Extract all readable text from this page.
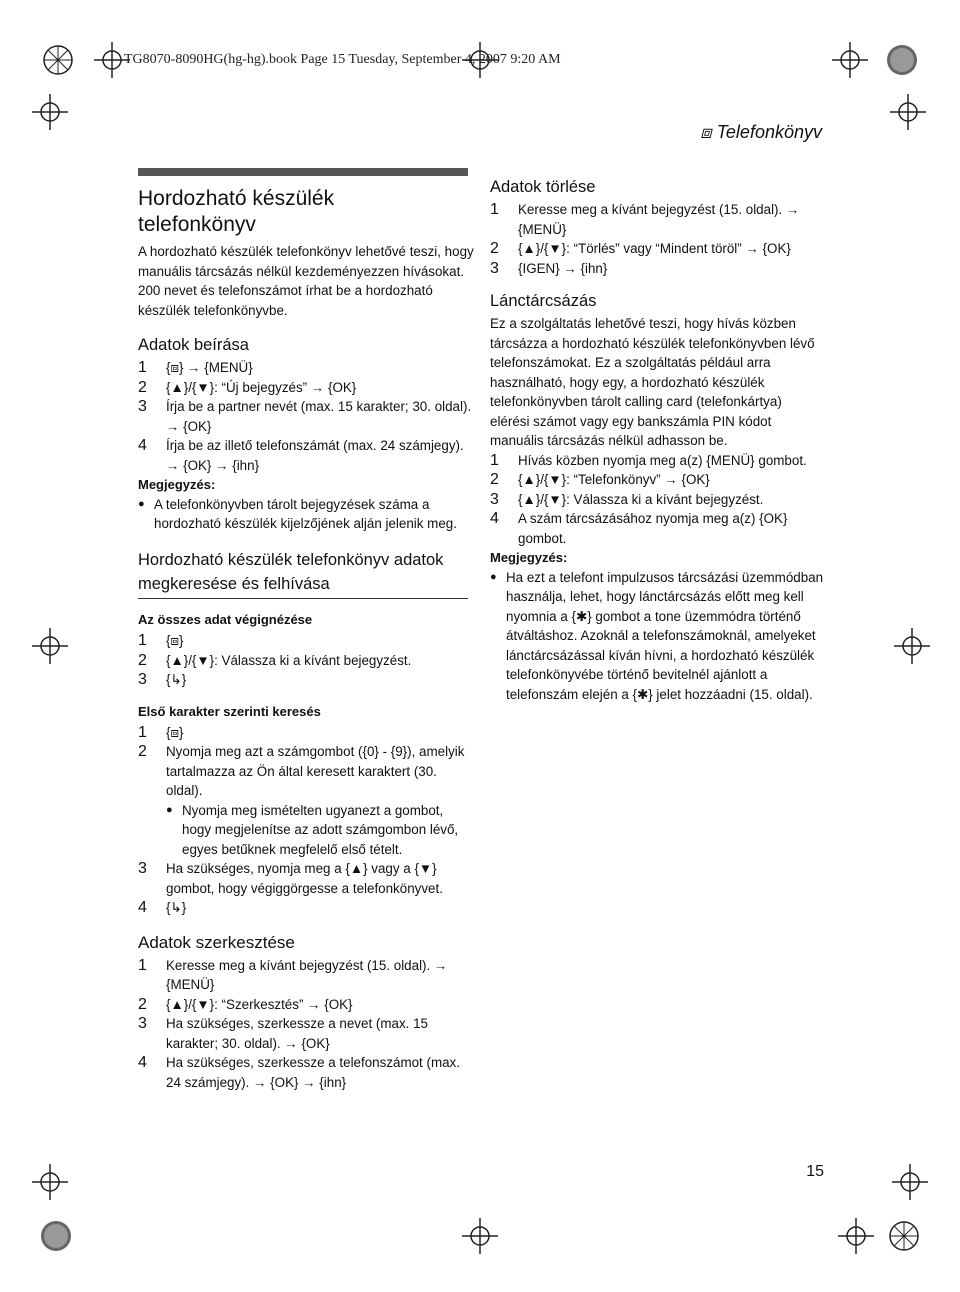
TG8070-8090HG(hg-hg).book Page 15 Tuesday, September 4, 2007 9:20 AM
⧈ Telefonkönyv
Hordozható készülék telefonkönyv

A hordozható készülék telefonkönyv lehetővé teszi, hogy manuális tárcsázás nélkül kezdeményezzen hívásokat. 200 nevet és telefonszámot írhat be a hordozható készülék telefonkönyvbe.

Adatok beírása
1 {⧈} → {MENÜ}
2 {▲}/{▼}: “Új bejegyzés” → {OK}
3 Írja be a partner nevét (max. 15 karakter; 30. oldal). → {OK}
4 Írja be az illető telefonszámát (max. 24 számjegy). → {OK} → {ihn}

Megjegyzés:

● A telefonkönyvben tárolt bejegyzések száma a hordozható készülék kijelzőjének alján jelenik meg.

Hordozható készülék telefonkönyv adatok megkeresése és felhívása
Az összes adat végignézése
1 {⧈}
2 {▲}/{▼}: Válassza ki a kívánt bejegyzést.
3 {↳}
Első karakter szerinti keresés
1 {⧈}
2 Nyomja meg azt a számgombot ({0} - {9}), amelyik tartalmazza az Ön által keresett karaktert (30. oldal).
● Nyomja meg ismételten ugyanezt a gombot, hogy megjelenítse az adott számgombon lévő, egyes betűknek megfelelő első tételt.
3 Ha szükséges, nyomja meg a {▲} vagy a {▼} gombot, hogy végiggörgesse a telefonkönyvet.
4 {↳}
Adatok szerkesztése
1 Keresse meg a kívánt bejegyzést (15. oldal). → {MENÜ}
2 {▲}/{▼}: “Szerkesztés” → {OK}
3 Ha szükséges, szerkessze a nevet (max. 15 karakter; 30. oldal). → {OK}
4 Ha szükséges, szerkessze a telefonszámot (max. 24 számjegy). → {OK} → {ihn}
Adatok törlése
1 Keresse meg a kívánt bejegyzést (15. oldal). → {MENÜ}
2 {▲}/{▼}: “Törlés” vagy “Mindent töröl” → {OK}
3 {IGEN} → {ihn}
Lánctárcsázás

Ez a szolgáltatás lehetővé teszi, hogy hívás közben tárcsázza a hordozható készülék telefonkönyvben lévő telefonszámokat. Ez a szolgáltatás például arra használható, hogy egy, a hordozható készülék telefonkönyvben tárolt calling card (telefonkártya) elérési számot vagy egy bankszámla PIN kódot manuális tárcsázás nélkül adhasson be.

1 Hívás közben nyomja meg a(z) {MENÜ} gombot.
2 {▲}/{▼}: “Telefonkönyv” → {OK}
3 {▲}/{▼}: Válassza ki a kívánt bejegyzést.
4 A szám tárcsázásához nyomja meg a(z) {OK} gombot.

Megjegyzés:

● Ha ezt a telefont impulzusos tárcsázási üzemmódban használja, lehet, hogy lánctárcsázás előtt meg kell nyomnia a {✱} gombot a tone üzemmódra történő átváltáshoz. Azoknál a telefonszámoknál, amelyeket lánctárcsázással kíván hívni, a hordozható készülék telefonkönyvébe történő bevitelnél ajánlott a telefonszám elején a {✱} jelet hozzáadni (15. oldal).

15
